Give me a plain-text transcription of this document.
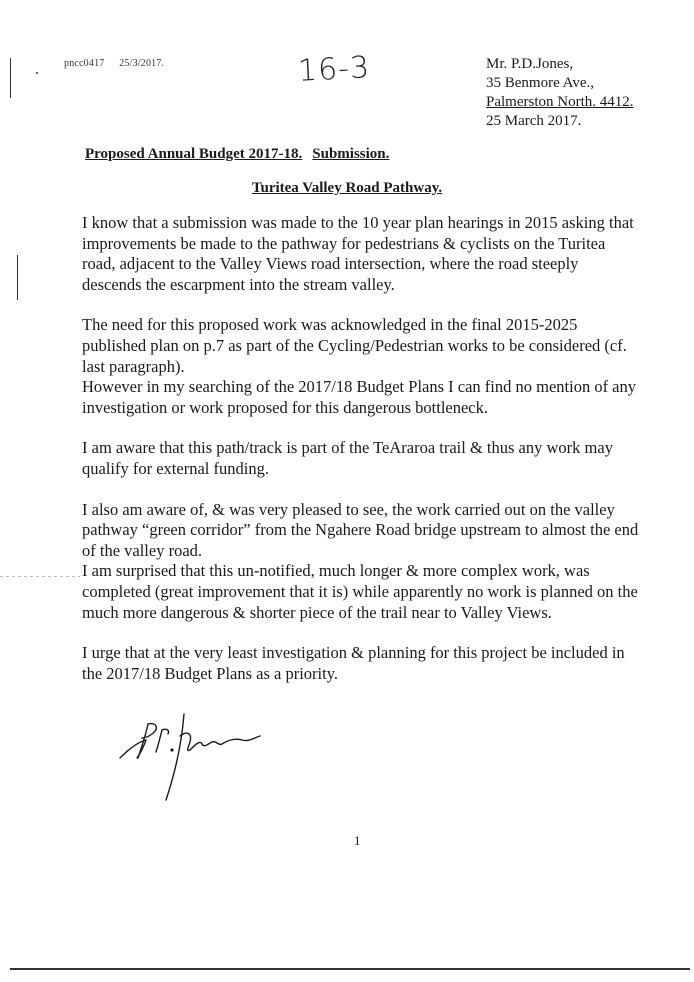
pncc0417 25/3/2017.	16-3	Mr. P.D.Jones,
35 Benmore Ave.,
Palmerston North. 4412.
25 March 2017.
Proposed Annual Budget 2017-18. Submission.
Turitea Valley Road Pathway.

I know that a submission was made to the 10 year plan hearings in 2015 asking that improvements be made to the pathway for pedestrians & cyclists on the Turitea road, adjacent to the Valley Views road intersection, where the road steeply descends the escarpment into the stream valley.

The need for this proposed work was acknowledged in the final 2015-2025 published plan on p.7 as part of the Cycling/Pedestrian works to be considered (cf. last paragraph).

However in my searching of the 2017/18 Budget Plans I can find no mention of any investigation or work proposed for this dangerous bottleneck.

I am aware that this path/track is part of the TeAraroa trail & thus any work may qualify for external funding.

I also am aware of, & was very pleased to see, the work carried out on the valley pathway “green corridor” from the Ngahere Road bridge upstream to almost the end of the valley road.

I am surprised that this un-notified, much longer & more complex work, was completed (great improvement that it is) while apparently no work is planned on the much more dangerous & shorter piece of the trail near to Valley Views.

I urge that at the very least investigation & planning for this project be included in the 2017/18 Budget Plans as a priority.

1
